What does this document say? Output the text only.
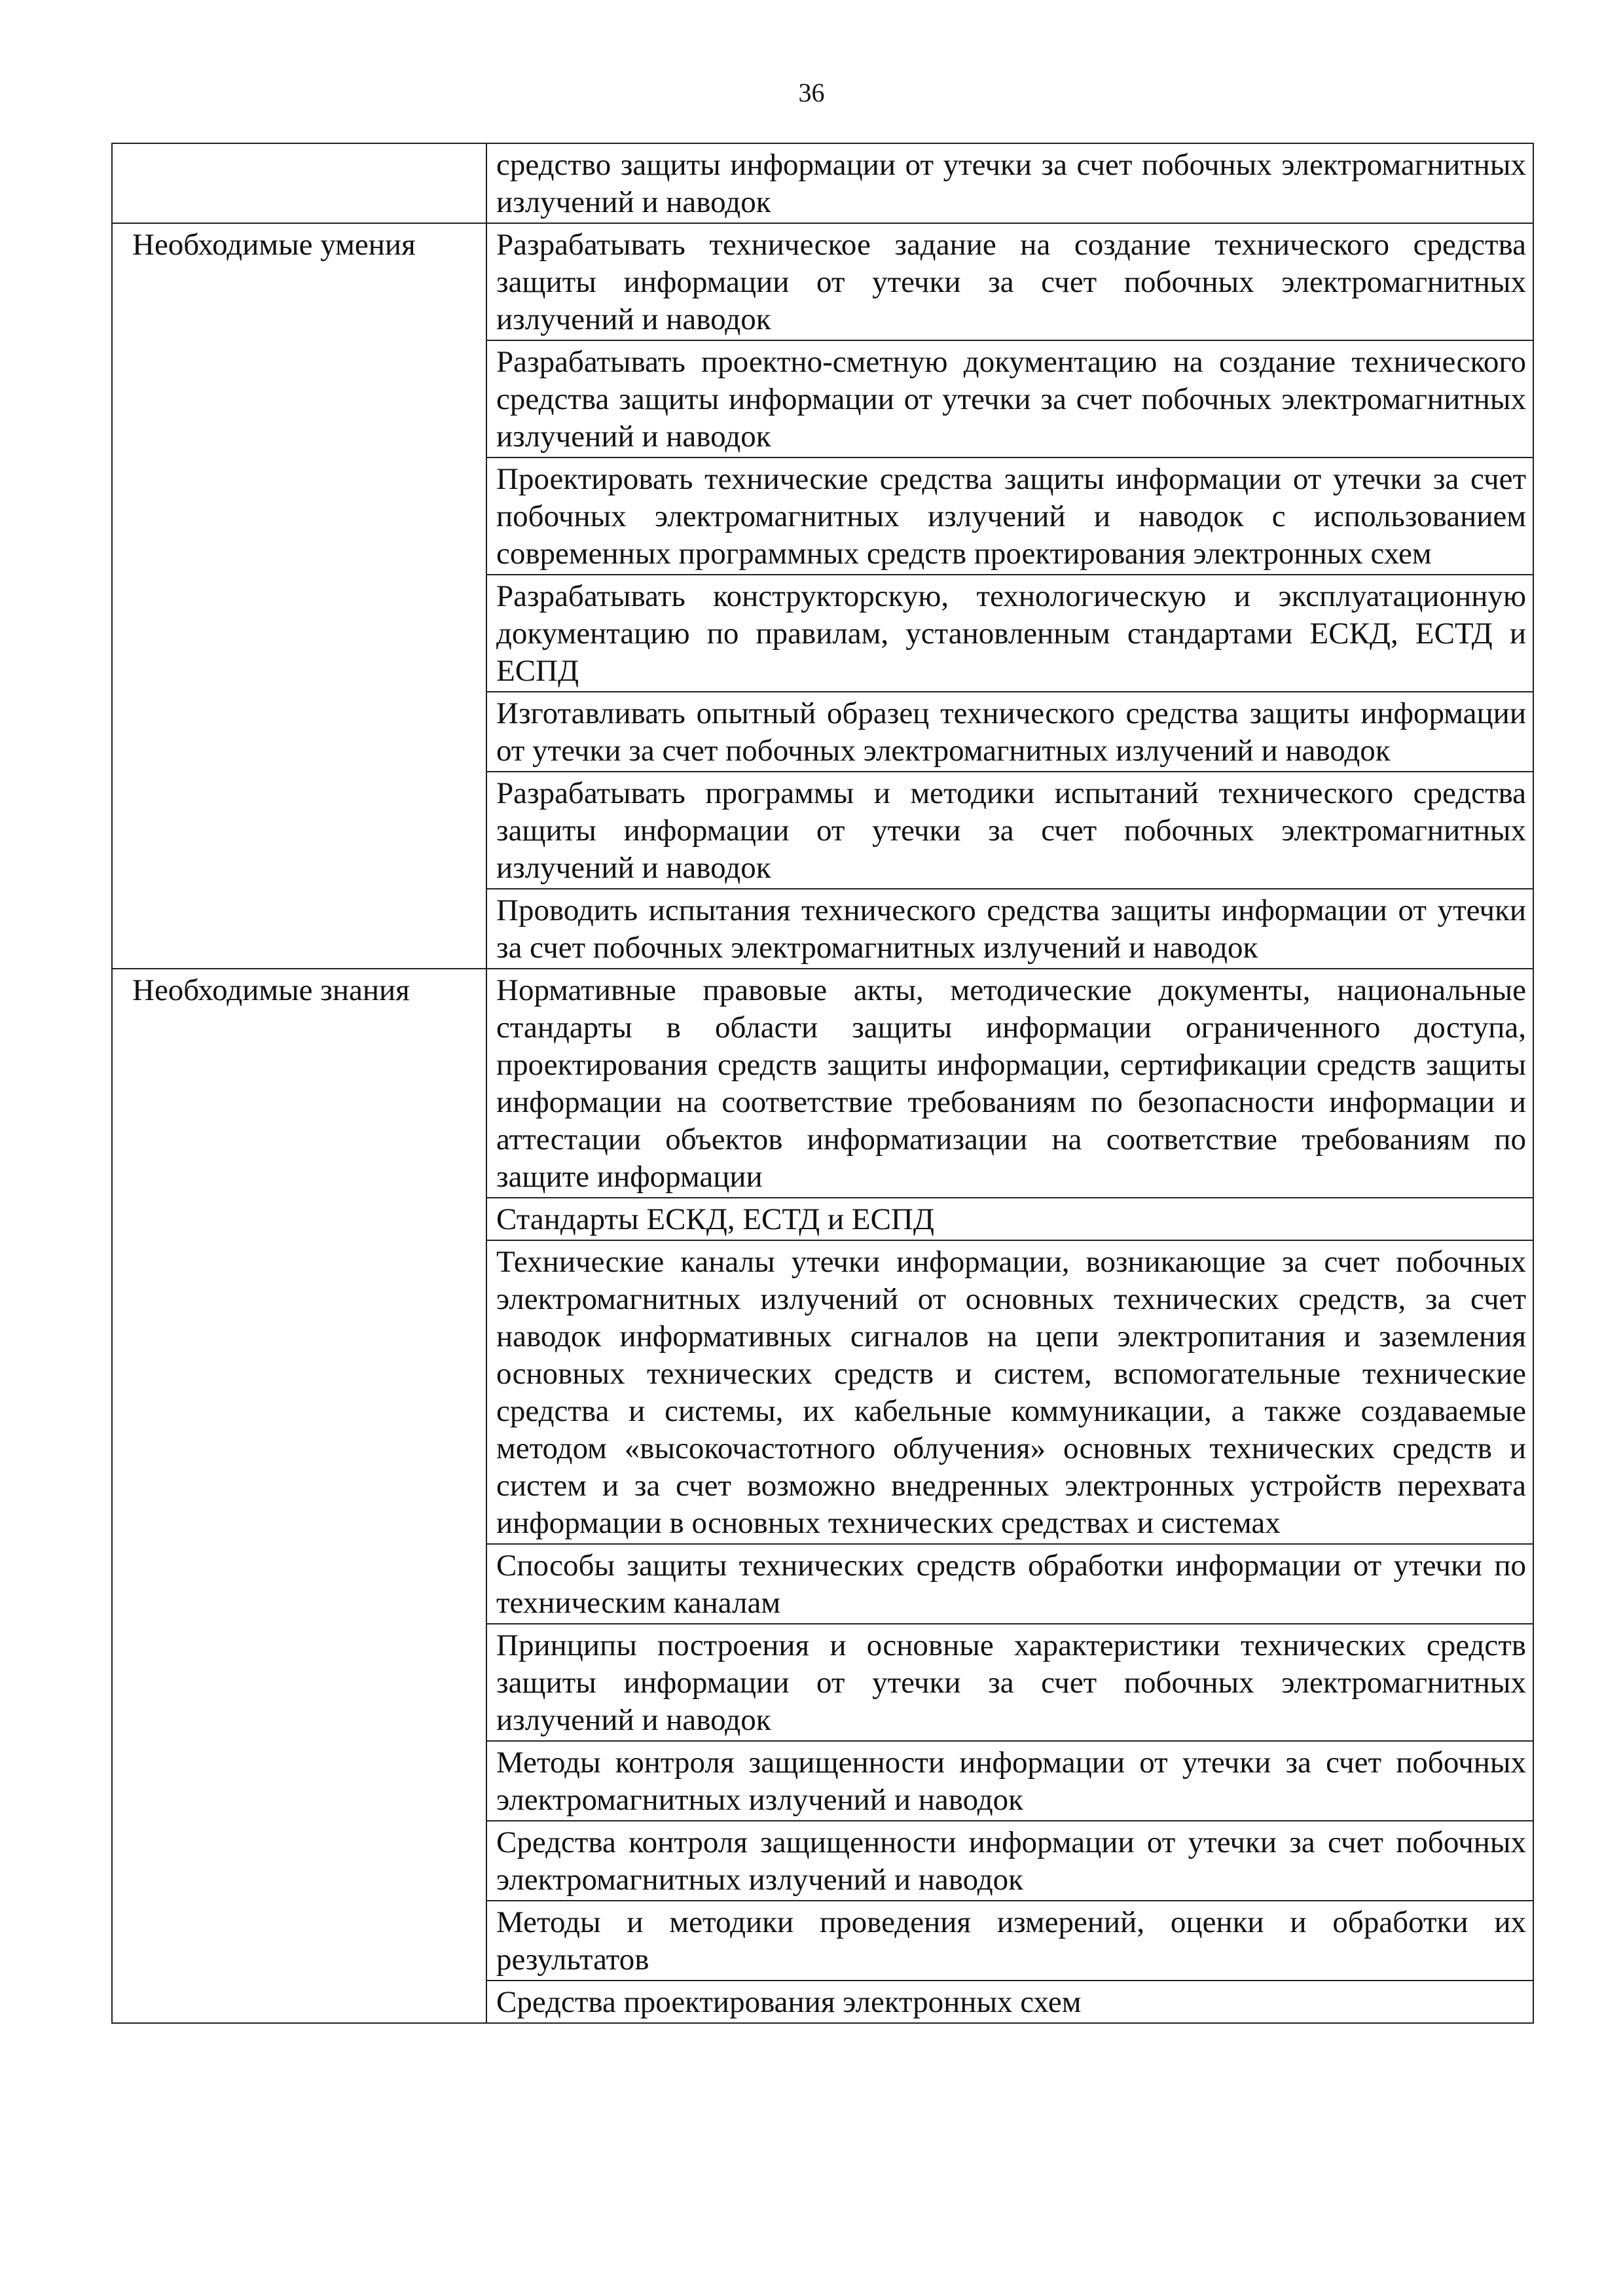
36
	средство защиты информации от утечки за счет побочных электромагнитных излучений и наводок
Необходимые умения	Разрабатывать техническое задание на создание технического средства защиты информации от утечки за счет побочных электромагнитных излучений и наводок
	Разрабатывать проектно-сметную документацию на создание технического средства защиты информации от утечки за счет побочных электромагнитных излучений и наводок
	Проектировать технические средства защиты информации от утечки за счет побочных электромагнитных излучений и наводок с использованием современных программных средств проектирования электронных схем
	Разрабатывать конструкторскую, технологическую и эксплуатационную документацию по правилам, установленным стандартами ЕСКД, ЕСТД и ЕСПД
	Изготавливать опытный образец технического средства защиты информации от утечки за счет побочных электромагнитных излучений и наводок
	Разрабатывать программы и методики испытаний технического средства защиты информации от утечки за счет побочных электромагнитных излучений и наводок
	Проводить испытания технического средства защиты информации от утечки за счет побочных электромагнитных излучений и наводок
Необходимые знания	Нормативные правовые акты, методические документы, национальные стандарты в области защиты информации ограниченного доступа, проектирования средств защиты информации, сертификации средств защиты информации на соответствие требованиям по безопасности информации и аттестации объектов информатизации на соответствие требованиям по защите информации
	Стандарты ЕСКД, ЕСТД и ЕСПД
	Технические каналы утечки информации, возникающие за счет побочных электромагнитных излучений от основных технических средств, за счет наводок информативных сигналов на цепи электропитания и заземления основных технических средств и систем, вспомогательные технические средства и системы, их кабельные коммуникации, а также создаваемые методом «высокочастотного облучения» основных технических средств и систем и за счет возможно внедренных электронных устройств перехвата информации в основных технических средствах и системах
	Способы защиты технических средств обработки информации от утечки по техническим каналам
	Принципы построения и основные характеристики технических средств защиты информации от утечки за счет побочных электромагнитных излучений и наводок
	Методы контроля защищенности информации от утечки за счет побочных электромагнитных излучений и наводок
	Средства контроля защищенности информации от утечки за счет побочных электромагнитных излучений и наводок
	Методы и методики проведения измерений, оценки и обработки их результатов
	Средства проектирования электронных схем
